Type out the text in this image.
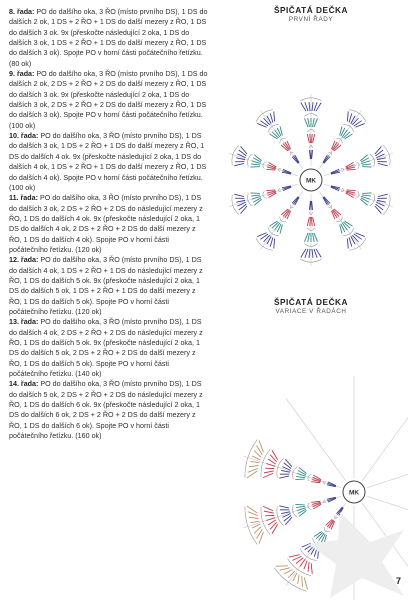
8. řada: PO do dalšího oka, 3 ŘO (místo prvního DS), 1 DS do dalších 2 ok, 1 DS + 2 ŘO + 1 DS do další mezery z ŘO, 1 DS do dalších 3 ok. 9x (přeskočte následující 2 oka, 1 DS do dalších 3 ok, 1 DS + 2 ŘO + 1 DS do další mezery z ŘO, 1 DS do dalších 3 ok). Spojte PO v horní části počátečního řetízku. (80 ok)

9. řada: PO do dalšího oka, 3 ŘO (místo prvního DS), 1 DS do dalších 2 ok, 2 DS + 2 ŘO + 2 DS do další mezery z ŘO, 1 DS do dalších 3 ok. 9x (přeskočte následující 2 oka, 1 DS do dalších 3 ok, 2 DS + 2 ŘO + 2 DS do další mezery z ŘO, 1 DS do dalších 3 ok). Spojte PO v horní části počátečního řetízku. (100 ok)

10. řada: PO do dalšího oka, 3 ŘO (místo prvního DS), 1 DS do dalších 3 ok, 1 DS + 2 ŘO + 1 DS do další mezery z ŘO, 1 DS do dalších 4 ok. 9x (přeskočte následující 2 oka, 1 DS do dalších 4 ok, 1 DS + 2 ŘO + 1 DS do další mezery z ŘO, 1 DS do dalších 4 ok). Spojte PO v horní části počátečního řetízku. (100 ok)

11. řada: PO do dalšího oka, 3 ŘO (místo prvního DS), 1 DS do dalších 3 ok, 2 DS + 2 ŘO + 2 DS do následující mezery z ŘO, 1 DS do dalších 4 ok. 9x (přeskočte následující 2 oka, 1 DS do dalších 4 ok, 2 DS + 2 ŘO + 2 DS do další mezery z ŘO, 1 DS do dalších 4 ok). Spojte PO v horní části počátečního řetízku. (120 ok)

12. řada: PO do dalšího oka, 3 ŘO (místo prvního DS), 1 DS do dalších 4 ok, 1 DS + 2 ŘO + 1 DS do následující mezery z ŘO, 1 DS do dalších 5 ok. 9x (přeskočte následující 2 oka, 1 DS do dalších 5 ok, 1 DS + 2 ŘO + 1 DS do další mezery z ŘO, 1 DS do dalších 5 ok). Spojte PO v horní části počátečního řetízku. (120 ok)

13. řada: PO do dalšího oka, 3 ŘO (místo prvního DS), 1 DS do dalších 4 ok, 2 DS + 2 ŘO + 2 DS do následující mezery z ŘO, 1 DS do dalších 5 ok. 9x (přeskočte následující 2 oka, 1 DS do dalších 5 ok, 2 DS + 2 ŘO + 2 DS do další mezery z ŘO, 1 DS do dalších 5 ok). Spojte PO v horní části počátečního řetízku. (140 ok)

14. řada: PO do dalšího oka, 3 ŘO (místo prvního DS), 1 DS do dalších 5 ok, 2 DS + 2 ŘO + 2 DS do následující mezery z ŘO, 1 DS do dalších 6 ok. 9x (přeskočte následující 2 oka, 1 DS do dalších 6 ok, 2 DS + 2 ŘO + 2 DS do další mezery z ŘO, 1 DS do dalších 6 ok). Spojte PO v horní části počátečního řetízku. (160 ok)

ŠPIČATÁ DEČKA
PRVNÍ ŘADY
MK
ŠPIČATÁ DEČKA
VARIACE V ŘADÁCH
MK
7
